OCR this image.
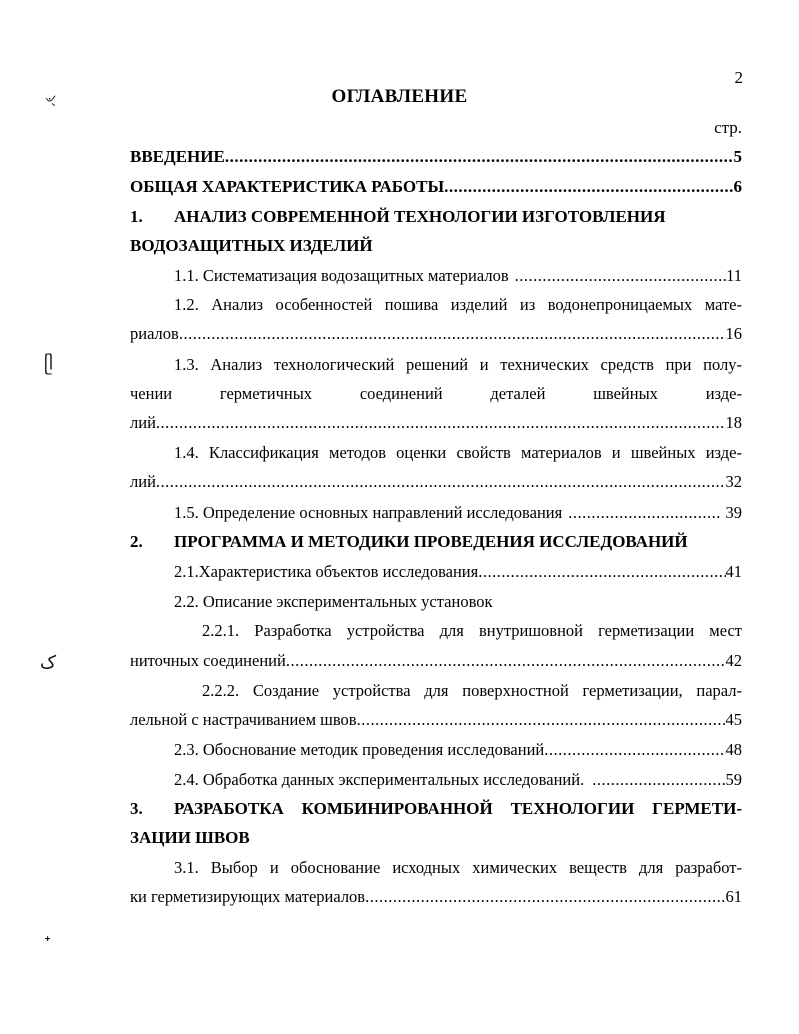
ৼ
ᥫ
ک
ᐩ
2
ОГЛАВЛЕНИЕ
стр.
ВВЕДЕНИЕ .....	5
ОБЩАЯ ХАРАКТЕРИСТИКА РАБОТЫ .....	6
1.	АНАЛИЗ СОВРЕМЕННОЙ ТЕХНОЛОГИИ ИЗГОТОВЛЕНИЯ
ВОДОЗАЩИТНЫХ ИЗДЕЛИЙ
1.1. Систематизация водозащитных материалов .....	11
1.2. Анализ особенностей пошива изделий из водонепроницаемых мате-
риалов .....	16
1.3. Анализ технологический решений и технических средств при полу-
чении герметичных соединений деталей швейных изде-
лий .....	18
1.4. Классификация методов оценки свойств материалов и швейных изде-
лий .....	32
1.5. Определение основных направлений исследования .....	39
2.	ПРОГРАММА И МЕТОДИКИ ПРОВЕДЕНИЯ ИССЛЕДОВАНИЙ
2.1.Характеристика объектов исследования .....	41
2.2. Описание экспериментальных установок
2.2.1. Разработка устройства для внутришовной герметизации мест
ниточных соединений .....	42
2.2.2. Создание устройства для поверхностной герметизации, парал-
лельной с настрачиванием швов .....	45
2.3. Обоснование методик проведения исследований .....	48
2.4. Обработка данных экспериментальных исследований. .....	59
3.	РАЗРАБОТКА КОМБИНИРОВАННОЙ ТЕХНОЛОГИИ ГЕРМЕТИ-
ЗАЦИИ ШВОВ
3.1. Выбор и обоснование исходных химических веществ для разработ-
ки герметизирующих материалов .....	61
